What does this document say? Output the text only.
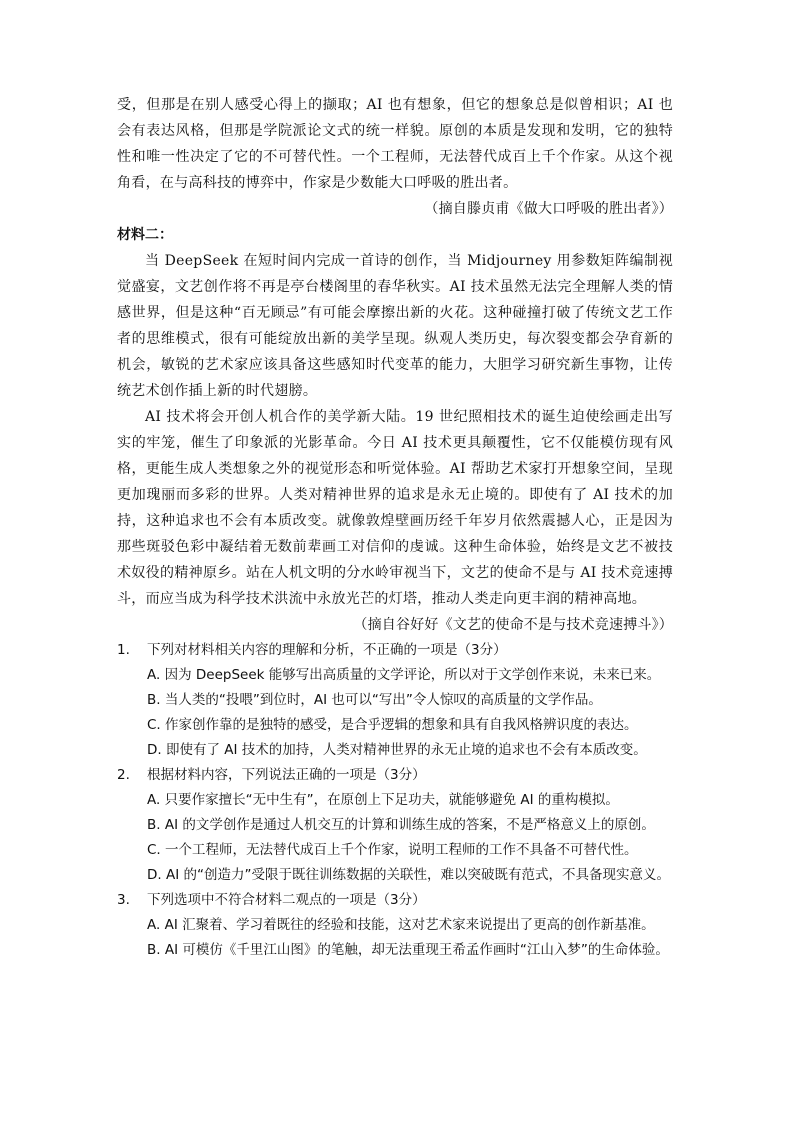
受，但那是在别人感受心得上的撷取；AI 也有想象，但它的想象总是似曾相识；AI 也会有表达风格，但那是学院派论文式的统一样貌。原创的本质是发现和发明，它的独特性和唯一性决定了它的不可替代性。一个工程师，无法替代成百上千个作家。从这个视角看，在与高科技的博弈中，作家是少数能大口呼吸的胜出者。
（摘自滕贞甫《做大口呼吸的胜出者》）
材料二：
当 DeepSeek 在短时间内完成一首诗的创作，当 Midjourney 用参数矩阵编制视觉盛宴，文艺创作将不再是亭台楼阁里的春华秋实。AI 技术虽然无法完全理解人类的情感世界，但是这种“百无顾忌”有可能会摩擦出新的火花。这种碰撞打破了传统文艺工作者的思维模式，很有可能绽放出新的美学呈现。纵观人类历史，每次裂变都会孕育新的机会，敏锐的艺术家应该具备这些感知时代变革的能力，大胆学习研究新生事物，让传统艺术创作插上新的时代翅膀。
AI 技术将会开创人机合作的美学新大陆。19 世纪照相技术的诞生迫使绘画走出写实的牢笼，催生了印象派的光影革命。今日 AI 技术更具颠覆性，它不仅能模仿现有风格，更能生成人类想象之外的视觉形态和听觉体验。AI 帮助艺术家打开想象空间，呈现更加瑰丽而多彩的世界。人类对精神世界的追求是永无止境的。即使有了 AI 技术的加持，这种追求也不会有本质改变。就像敦煌壁画历经千年岁月依然震撼人心，正是因为那些斑驳色彩中凝结着无数前辈画工对信仰的虔诚。这种生命体验，始终是文艺不被技术奴役的精神原乡。站在人机文明的分水岭审视当下，文艺的使命不是与 AI 技术竞速搏斗，而应当成为科学技术洪流中永放光芒的灯塔，推动人类走向更丰润的精神高地。
（摘自谷好好《文艺的使命不是与技术竞速搏斗》）
1.	下列对材料相关内容的理解和分析，不正确的一项是（3分）
A. 因为 DeepSeek 能够写出高质量的文学评论，所以对于文学创作来说，未来已来。
B. 当人类的“投喂”到位时，AI 也可以“写出”令人惊叹的高质量的文学作品。
C. 作家创作靠的是独特的感受，是合乎逻辑的想象和具有自我风格辨识度的表达。
D. 即使有了 AI 技术的加持，人类对精神世界的永无止境的追求也不会有本质改变。
2.	根据材料内容，下列说法正确的一项是（3分）
A. 只要作家擅长“无中生有”，在原创上下足功夫，就能够避免 AI 的重构模拟。
B. AI 的文学创作是通过人机交互的计算和训练生成的答案，不是严格意义上的原创。
C. 一个工程师，无法替代成百上千个作家，说明工程师的工作不具备不可替代性。
D. AI 的“创造力”受限于既往训练数据的关联性，难以突破既有范式，不具备现实意义。
3.	下列选项中不符合材料二观点的一项是（3分）
A. AI 汇聚着、学习着既往的经验和技能，这对艺术家来说提出了更高的创作新基准。
B. AI 可模仿《千里江山图》的笔触，却无法重现王希孟作画时“江山入梦”的生命体验。
